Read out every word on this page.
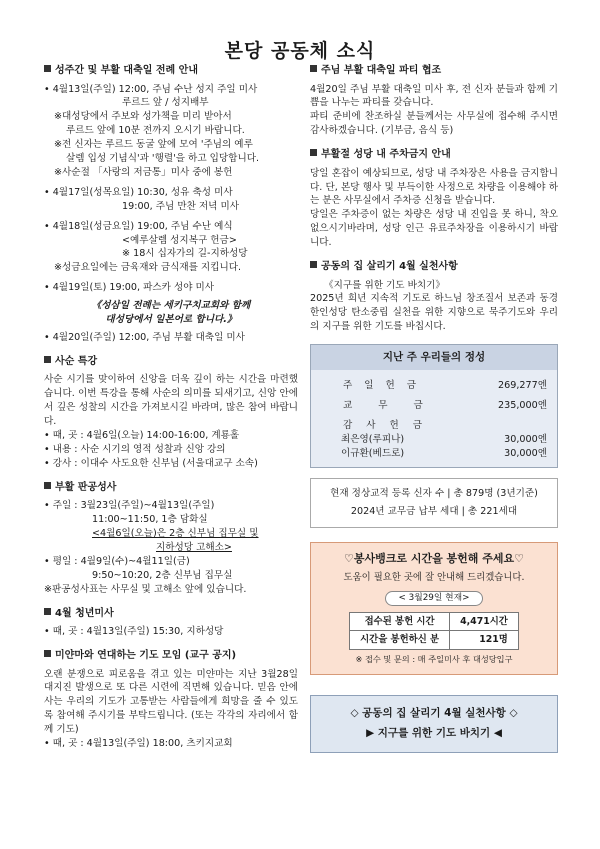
본당 공동체 소식
성주간 및 부활 대축일 전례 안내
• 4월13일(주일) 12:00, 주님 수난 성지 주일 미사
루르드 앞 / 성지배부
※대성당에서 주보와 성가책을 미리 받아서
루르드 앞에 10분 전까지 오시기 바랍니다.
※전 신자는 루르드 동굴 앞에 모여 '주님의 예루
살렘 입성 기념식'과 '행렬'을 하고 입당합니다.
※사순절 「사랑의 저금통」미사 중에 봉헌
• 4월17일(성목요일) 10:30, 성유 축성 미사
19:00, 주님 만찬 저녁 미사
• 4월18일(성금요일) 19:00, 주님 수난 예식
<예루살렘 성지복구 헌금>
※ 18시 십자가의 길-지하성당
※성금요일에는 금육재와 금식재를 지킵니다.
• 4월19일(토) 19:00, 파스카 성야 미사
《성삼일 전례는 세키구치교회와 함께
대성당에서 일본어로 합니다.》
• 4월20일(주일) 12:00, 주님 부활 대축일 미사
사순 특강
사순 시기를 맞이하여 신앙을 더욱 깊이 하는 시간을 마련했습니다. 이번 특강을 통해 사순의 의미를 되새기고, 신앙 안에서 깊은 성찰의 시간을 가져보시길 바라며, 많은 참여 바랍니다.
• 때, 곳 : 4월6일(오늘) 14:00-16:00, 계룡홀
• 내용 : 사순 시기의 영적 성찰과 신앙 강의
• 강사 : 이대수 사도요한 신부님 (서울대교구 소속)
부활 판공성사
• 주일 : 3월23일(주일)~4월13일(주일)
11:00~11:50, 1층 담화실
<4월6일(오늘)은 2층 신부님 집무실 및
지하성당 고해소>
• 평일 : 4월9일(수)~4월11일(금)
9:50~10:20, 2층 신부님 집무실
※판공성사표는 사무실 및 고해소 앞에 있습니다.
4월 청년미사
• 때, 곳 : 4월13일(주일) 15:30, 지하성당
미얀마와 연대하는 기도 모임 (교구 공지)
오랜 분쟁으로 피로움을 겪고 있는 미얀마는 지난 3월28일 대지진 발생으로 또 다른 시련에 직면해 있습니다. 믿음 안에 사는 우리의 기도가 고통받는 사람들에게 희망을 줄 수 있도록 참여해 주시기를 부탁드립니다. (또는 각각의 자리에서 함께 기도)
• 때, 곳 : 4월13일(주일) 18:00, 츠키지교회
주님 부활 대축일 파티 협조
4월20일 주님 부활 대축일 미사 후, 전 신자 분들과 함께 기쁨을 나누는 파티를 갖습니다.
파티 준비에 찬조하실 분들께서는 사무실에 접수해 주시면 감사하겠습니다. (기부금, 음식 등)
부활절 성당 내 주차금지 안내
당일 혼잡이 예상되므로, 성당 내 주차장은 사용을 금지합니다. 단, 본당 행사 및 부득이한 사정으로 차량을 이용해야 하는 분은 사무실에서 주차증 신청을 받습니다.
당일은 주차증이 없는 차량은 성당 내 진입을 못 하니, 착오 없으시기바라며, 성당 인근 유료주차장을 이용하시기 바랍니다.
공동의 집 살리기 4월 실천사항
《지구를 위한 기도 바치기》
2025년 희년 지속적 기도로 하느님 창조질서 보존과 동경한인성당 탄소중립 실천을 위한 지향으로 묵주기도와 우리의 지구를 위한 기도를 바칩시다.
지난 주 우리들의 정성
주일헌금	269,277엔
교무금	235,000엔
감사헌금
최은영(루피나)	30,000엔
이규환(베드로)	30,000엔
현재 정상교적 등록 신자 수 | 총 879명 (3년기준)
2024년 교무금 납부 세대 | 총 221세대
♡봉사뱅크로 시간을 봉헌해 주세요♡
도움이 필요한 곳에 잘 안내해 드리겠습니다.
< 3월29일 현재>
접수된 봉헌 시간	4,471시간
시간을 봉헌하신 분	121명
※ 접수 및 문의 : 매 주일미사 후 대성당입구
◇ 공동의 집 살리기 4월 실천사항 ◇
▶ 지구를 위한 기도 바치기 ◀
